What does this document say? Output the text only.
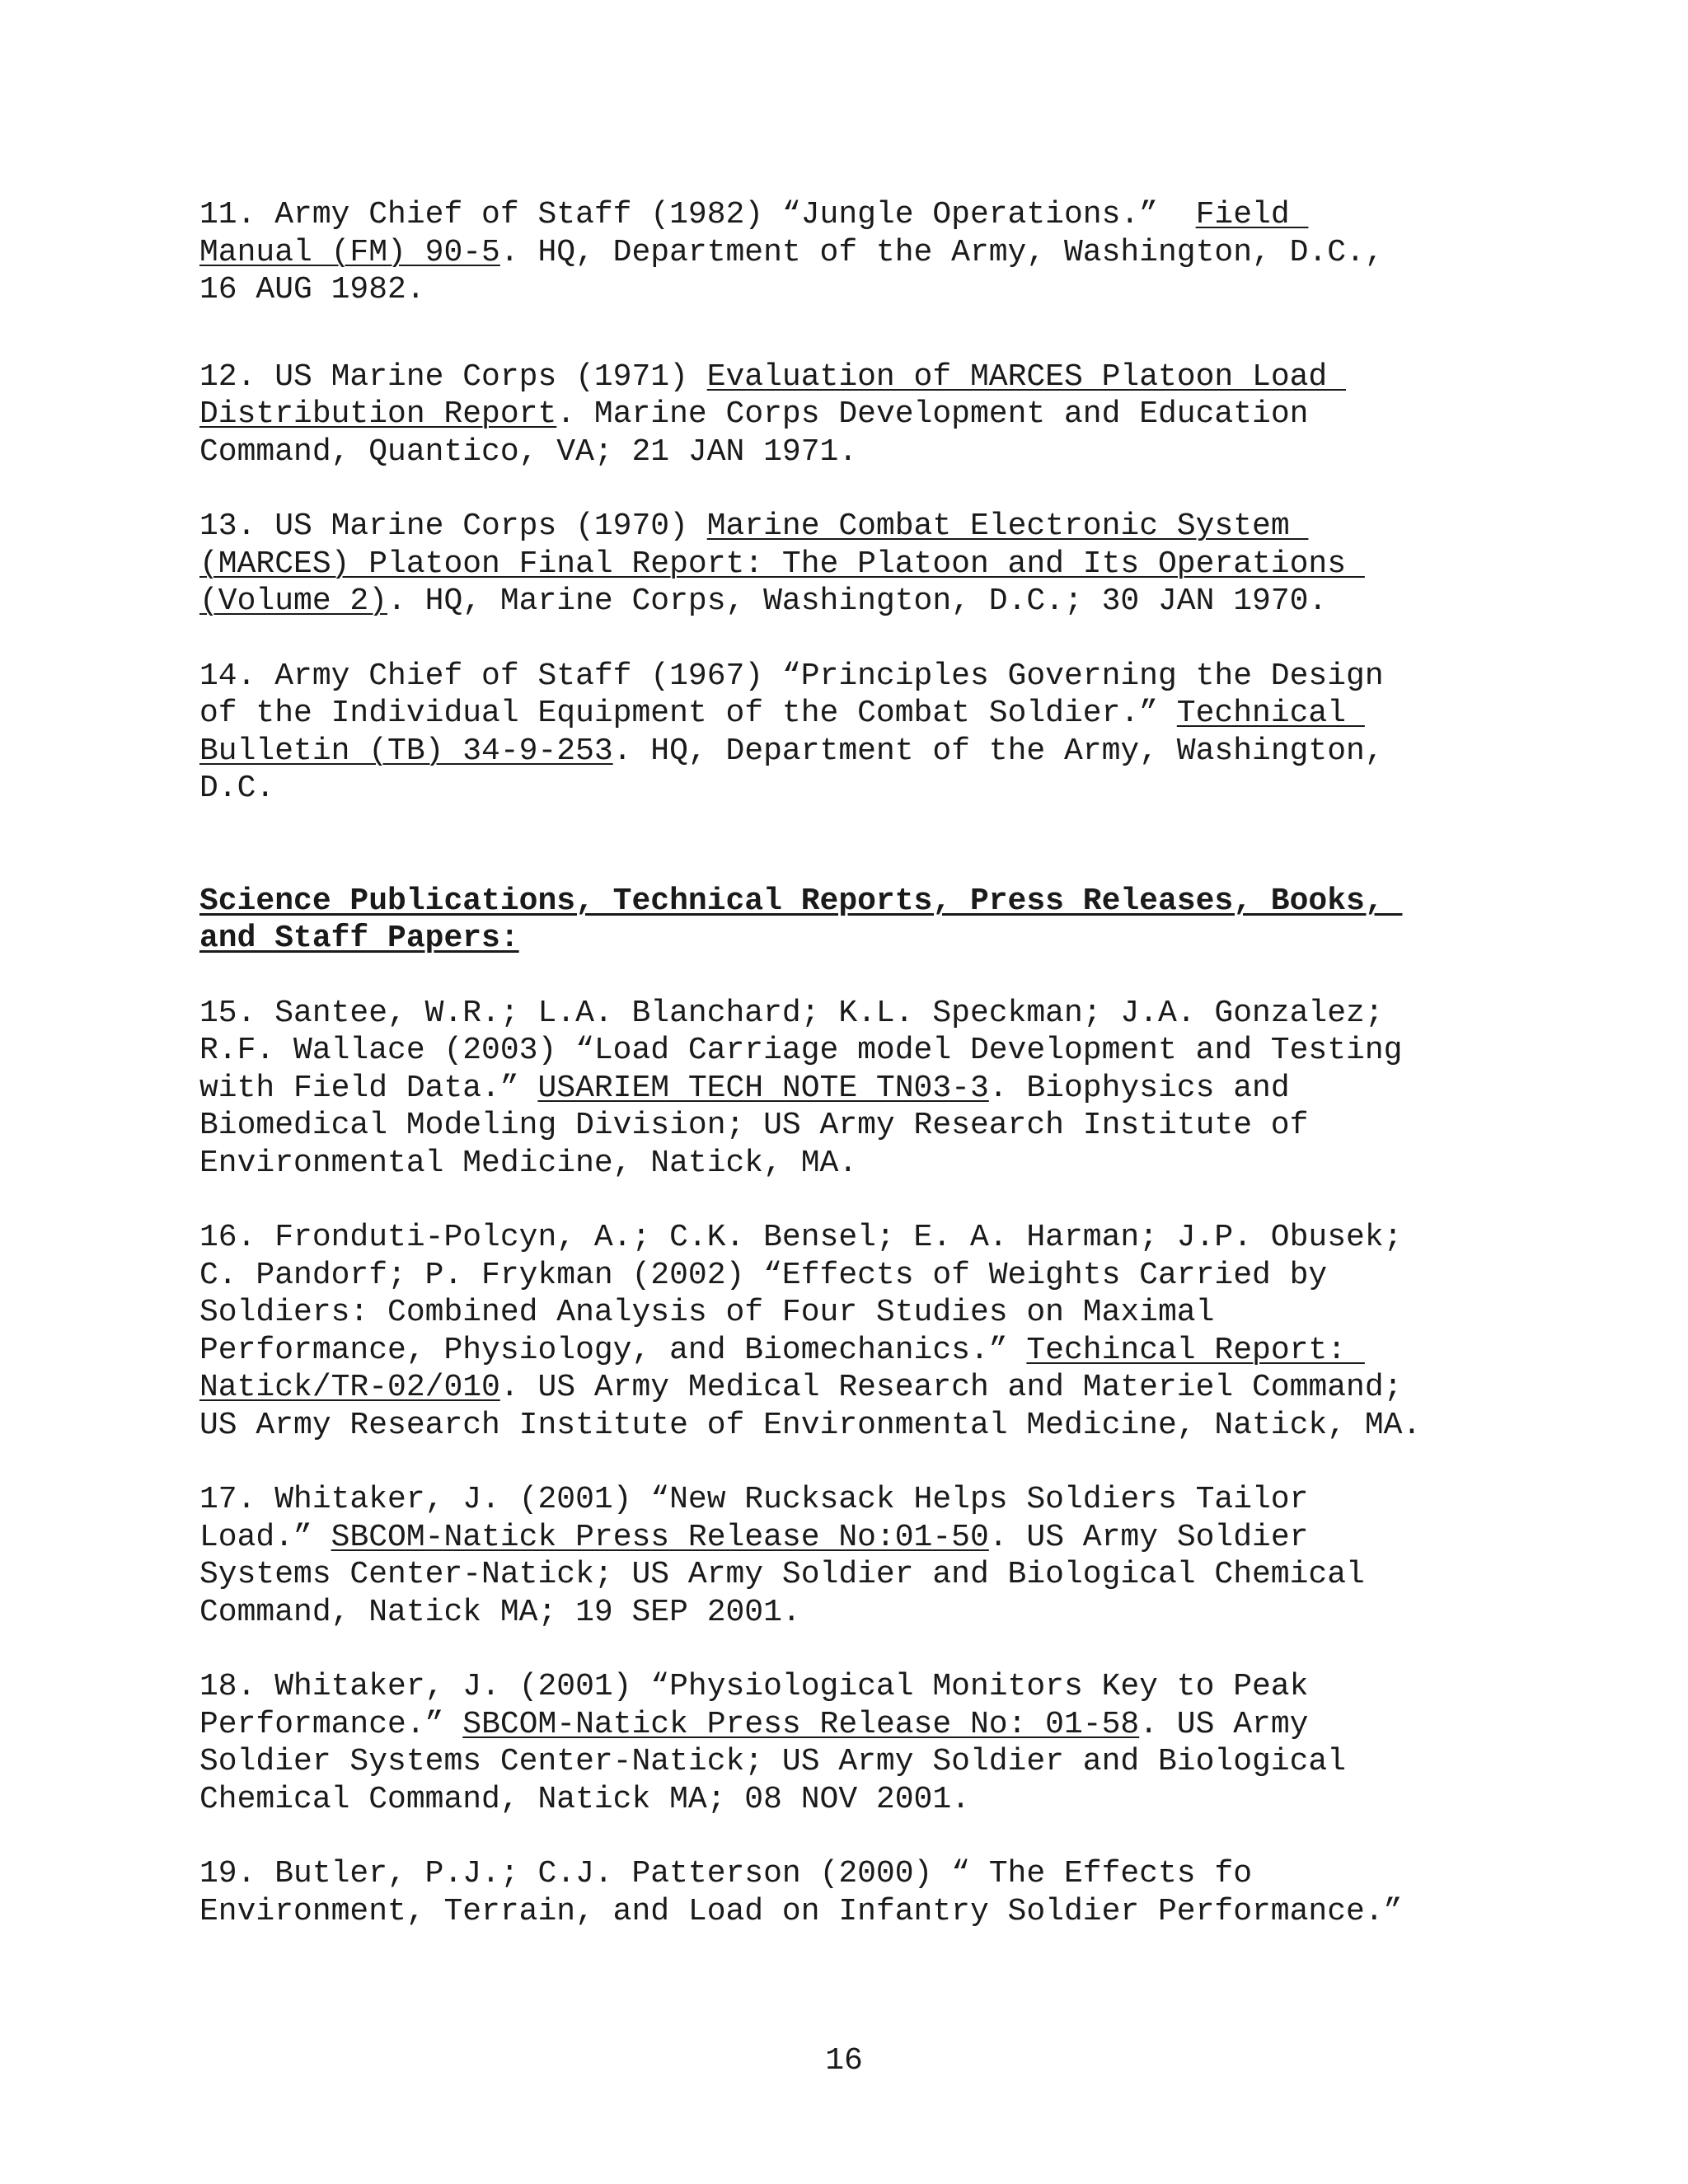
11. Army Chief of Staff (1982) “Jungle Operations.”  Field
Manual (FM) 90-5. HQ, Department of the Army, Washington, D.C.,
16 AUG 1982.
12. US Marine Corps (1971) Evaluation of MARCES Platoon Load
Distribution Report. Marine Corps Development and Education
Command, Quantico, VA; 21 JAN 1971.
13. US Marine Corps (1970) Marine Combat Electronic System
(MARCES) Platoon Final Report: The Platoon and Its Operations
(Volume 2). HQ, Marine Corps, Washington, D.C.; 30 JAN 1970.
14. Army Chief of Staff (1967) “Principles Governing the Design
of the Individual Equipment of the Combat Soldier.” Technical
Bulletin (TB) 34-9-253. HQ, Department of the Army, Washington,
D.C.
Science Publications, Technical Reports, Press Releases, Books,
and Staff Papers:
15. Santee, W.R.; L.A. Blanchard; K.L. Speckman; J.A. Gonzalez;
R.F. Wallace (2003) “Load Carriage model Development and Testing
with Field Data.” USARIEM TECH NOTE TN03-3. Biophysics and
Biomedical Modeling Division; US Army Research Institute of
Environmental Medicine, Natick, MA.
16. Fronduti-Polcyn, A.; C.K. Bensel; E. A. Harman; J.P. Obusek;
C. Pandorf; P. Frykman (2002) “Effects of Weights Carried by
Soldiers: Combined Analysis of Four Studies on Maximal
Performance, Physiology, and Biomechanics.” Techincal Report:
Natick/TR-02/010. US Army Medical Research and Materiel Command;
US Army Research Institute of Environmental Medicine, Natick, MA.
17. Whitaker, J. (2001) “New Rucksack Helps Soldiers Tailor
Load.” SBCOM-Natick Press Release No:01-50. US Army Soldier
Systems Center-Natick; US Army Soldier and Biological Chemical
Command, Natick MA; 19 SEP 2001.
18. Whitaker, J. (2001) “Physiological Monitors Key to Peak
Performance.” SBCOM-Natick Press Release No: 01-58. US Army
Soldier Systems Center-Natick; US Army Soldier and Biological
Chemical Command, Natick MA; 08 NOV 2001.
19. Butler, P.J.; C.J. Patterson (2000) “ The Effects fo
Environment, Terrain, and Load on Infantry Soldier Performance.”
16
